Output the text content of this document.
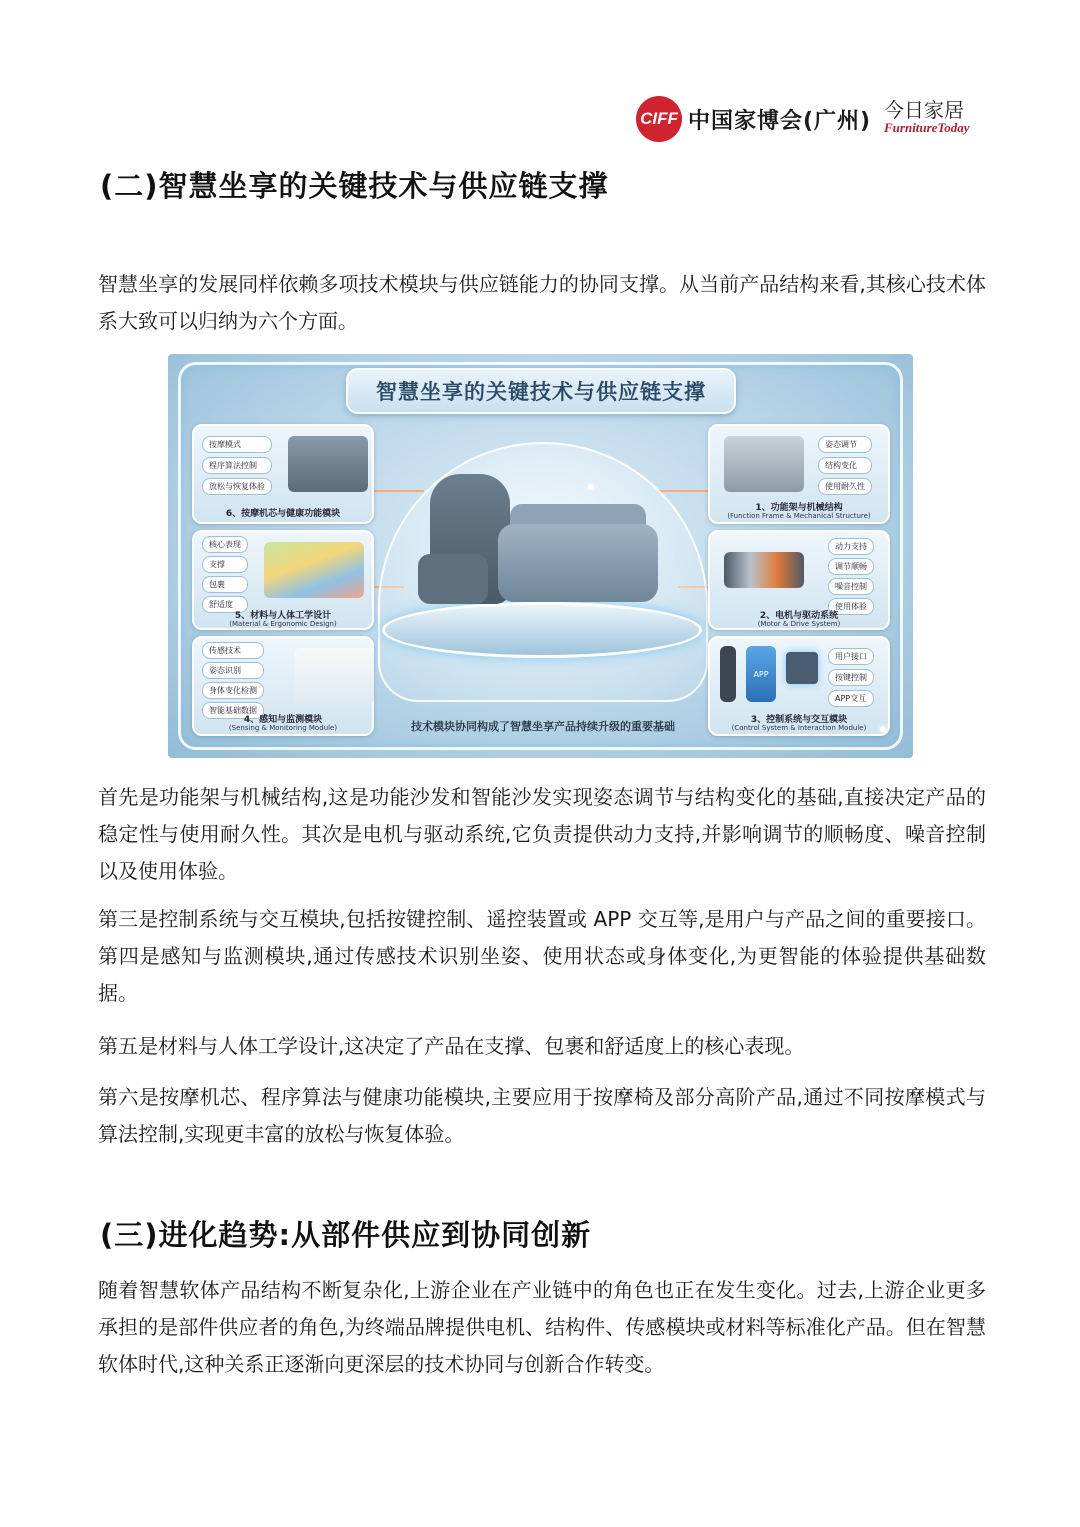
CIFF 中国家博会(广州) 今日家居
FurnitureToday
(二)智慧坐享的关键技术与供应链支撑
智慧坐享的发展同样依赖多项技术模块与供应链能力的协同支撑。从当前产品结构来看,其核心技术体系大致可以归纳为六个方面。
智慧坐享的关键技术与供应链支撑
按摩模式
程序算法控制
放松与恢复体验
6、按摩机芯与健康功能模块
核心表现
支撑
包裹
舒适度
5、材料与人体工学设计
(Material & Ergonomic Design)
传感技术
姿态识别
身体变化检测
智能基础数据
4、感知与监测模块
(Sensing & Monitoring Module)
姿态调节
结构变化
使用耐久性
1、功能架与机械结构
(Function Frame & Mechanical Structure)
动力支持
调节顺畅
噪音控制
使用体验
2、电机与驱动系统
(Motor & Drive System)
APP
用户接口
按键控制
APP交互
3、控制系统与交互模块
(Control System & Interaction Module)
技术模块协同构成了智慧坐享产品持续升级的重要基础
首先是功能架与机械结构,这是功能沙发和智能沙发实现姿态调节与结构变化的基础,直接决定产品的稳定性与使用耐久性。其次是电机与驱动系统,它负责提供动力支持,并影响调节的顺畅度、噪音控制以及使用体验。
第三是控制系统与交互模块,包括按键控制、遥控装置或 APP 交互等,是用户与产品之间的重要接口。第四是感知与监测模块,通过传感技术识别坐姿、使用状态或身体变化,为更智能的体验提供基础数据。
第五是材料与人体工学设计,这决定了产品在支撑、包裹和舒适度上的核心表现。
第六是按摩机芯、程序算法与健康功能模块,主要应用于按摩椅及部分高阶产品,通过不同按摩模式与算法控制,实现更丰富的放松与恢复体验。
(三)进化趋势:从部件供应到协同创新
随着智慧软体产品结构不断复杂化,上游企业在产业链中的角色也正在发生变化。过去,上游企业更多承担的是部件供应者的角色,为终端品牌提供电机、结构件、传感模块或材料等标准化产品。但在智慧软体时代,这种关系正逐渐向更深层的技术协同与创新合作转变。
